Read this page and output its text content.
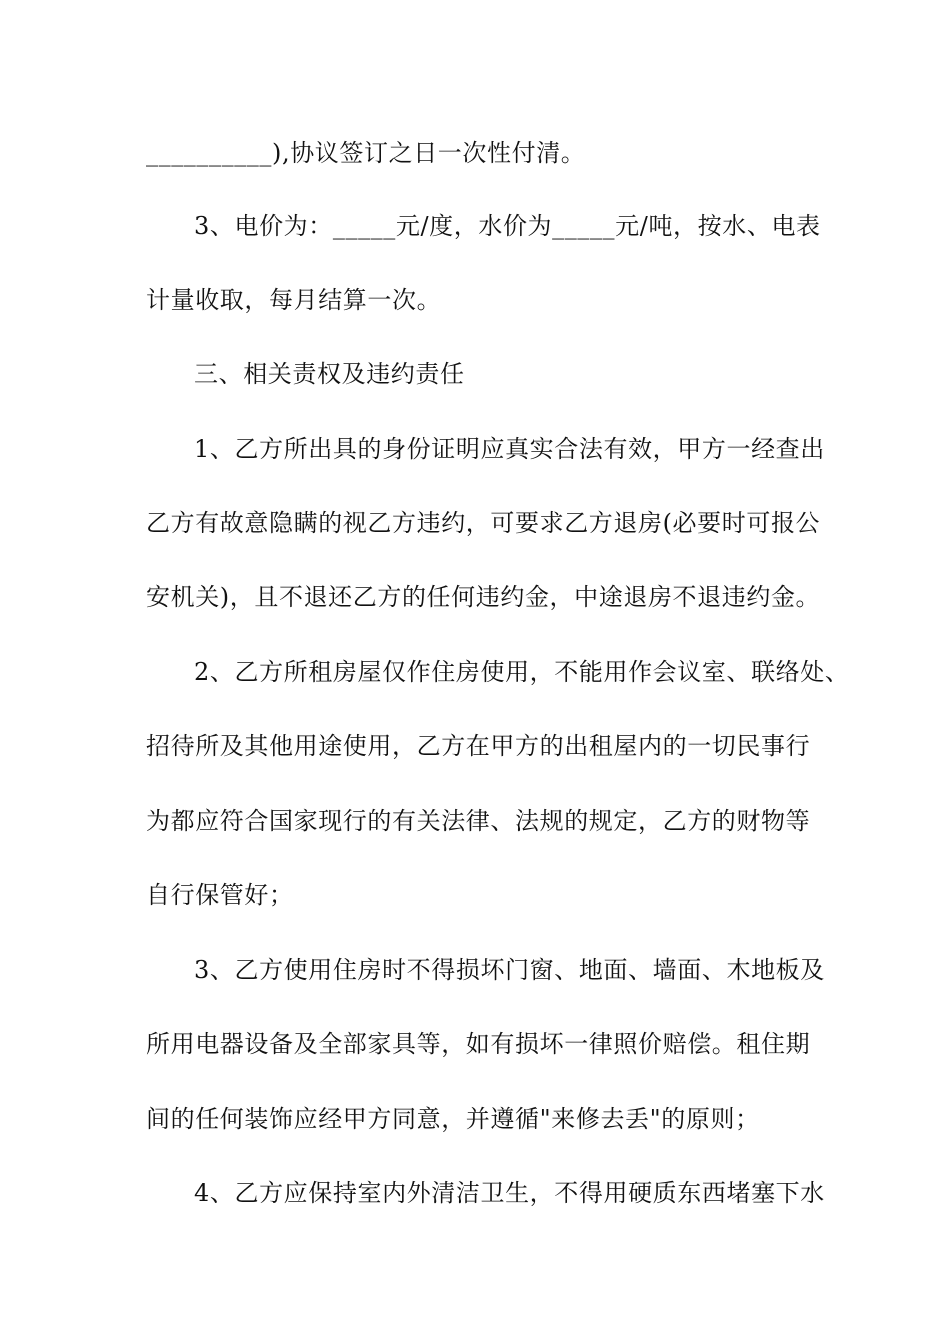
__________),协议签订之日一次性付清。
3、电价为：_____元/度，水价为_____元/吨，按水、电表
计量收取，每月结算一次。
三、相关责权及违约责任
1、乙方所出具的身份证明应真实合法有效，甲方一经查出
乙方有故意隐瞒的视乙方违约，可要求乙方退房(必要时可报公
安机关)，且不退还乙方的任何违约金，中途退房不退违约金。
2、乙方所租房屋仅作住房使用，不能用作会议室、联络处、
招待所及其他用途使用，乙方在甲方的出租屋内的一切民事行
为都应符合国家现行的有关法律、法规的规定，乙方的财物等
自行保管好；
3、乙方使用住房时不得损坏门窗、地面、墙面、木地板及
所用电器设备及全部家具等，如有损坏一律照价赔偿。租住期
间的任何装饰应经甲方同意，并遵循"来修去丢"的原则；
4、乙方应保持室内外清洁卫生，不得用硬质东西堵塞下水
